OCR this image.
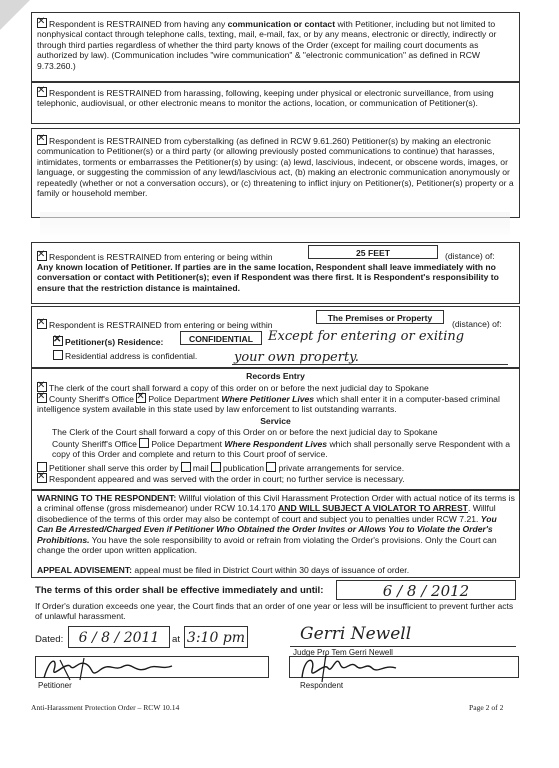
✕Respondent is RESTRAINED from having any communication or contact with Petitioner, including but not limited to nonphysical contact through telephone calls, texting, mail, e-mail, fax, or by any means, electronic or directly, indirectly or through third parties regardless of whether the third party knows of the Order (except for mailing court documents as authorized by law). (Communication includes "wire communication" & "electronic communication" as defined in RCW 9.73.260.)
✕Respondent is RESTRAINED from harassing, following, keeping under physical or electronic surveillance, from using telephonic, audiovisual, or other electronic means to monitor the actions, location, or communication of Petitioner(s).
✕Respondent is RESTRAINED from cyberstalking (as defined in RCW 9.61.260) Petitioner(s) by making an electronic communication to Petitioner(s) or a third party (or allowing previously posted communications to continue) that harasses, intimidates, torments or embarrasses the Petitioner(s) by using: (a) lewd, lascivious, indecent, or obscene words, images, or language, or suggesting the commission of any lewd/lascivious act, (b) making an electronic communication anonymously or repeatedly (whether or not a conversation occurs), or (c) threatening to inflict injury on Petitioner(s), Petitioner(s) property or a family or household member.
✕Respondent is RESTRAINED from entering or being within	25 FEET	(distance) of:
Any known location of Petitioner. If parties are in the same location, Respondent shall leave immediately with no conversation or contact with Petitioner(s); even if Respondent was there first. It is Respondent's responsibility to ensure that the restriction distance is maintained.
✕Respondent is RESTRAINED from entering or being within
The Premises or Property
(distance) of:
✕Petitioner(s) Residence:	CONFIDENTIAL	Except for entering or exiting
Residential address is confidential.	your own property.
Records Entry
✕The clerk of the court shall forward a copy of this order on or before the next judicial day to Spokane
✕County Sheriff's Office ✕ Police Department Where Petitioner Lives which shall enter it in a computer-based criminal intelligence system available in this state used by law enforcement to list outstanding warrants.
Service
The Clerk of the Court shall forward a copy of this Order on or before the next judicial day to Spokane
County Sheriff's Office Police Department Where Respondent Lives which shall personally serve Respondent with a copy of this Order and complete and return to this Court proof of service.
Petitioner shall serve this order by mail publication private arrangements for service.
✕Respondent appeared and was served with the order in court; no further service is necessary.
WARNING TO THE RESPONDENT: Willful violation of this Civil Harassment Protection Order with actual notice of its terms is a criminal offense (gross misdemeanor) under RCW 10.14.170 AND WILL SUBJECT A VIOLATOR TO ARREST. Willful disobedience of the terms of this order may also be contempt of court and subject you to penalties under RCW 7.21. You Can Be Arrested/Charged Even if Petitioner Who Obtained the Order Invites or Allows You to Violate the Order's Prohibitions. You have the sole responsibility to avoid or refrain from violating the Order's provisions. Only the Court can change the order upon written application.
APPEAL ADVISEMENT: appeal must be filed in District Court within 30 days of issuance of order.
The terms of this order shall be effective immediately and until:	6 / 8 / 2012
If Order's duration exceeds one year, the Court finds that an order of one year or less will be insufficient to prevent further acts of unlawful harassment.
Dated:	6 / 8 / 2011	at 3:10 pm	Gerri Newell
Judge Pro Tem Gerri Newell
Petitioner	Respondent
Anti-Harassment Protection Order – RCW 10.14	Page 2 of 2
